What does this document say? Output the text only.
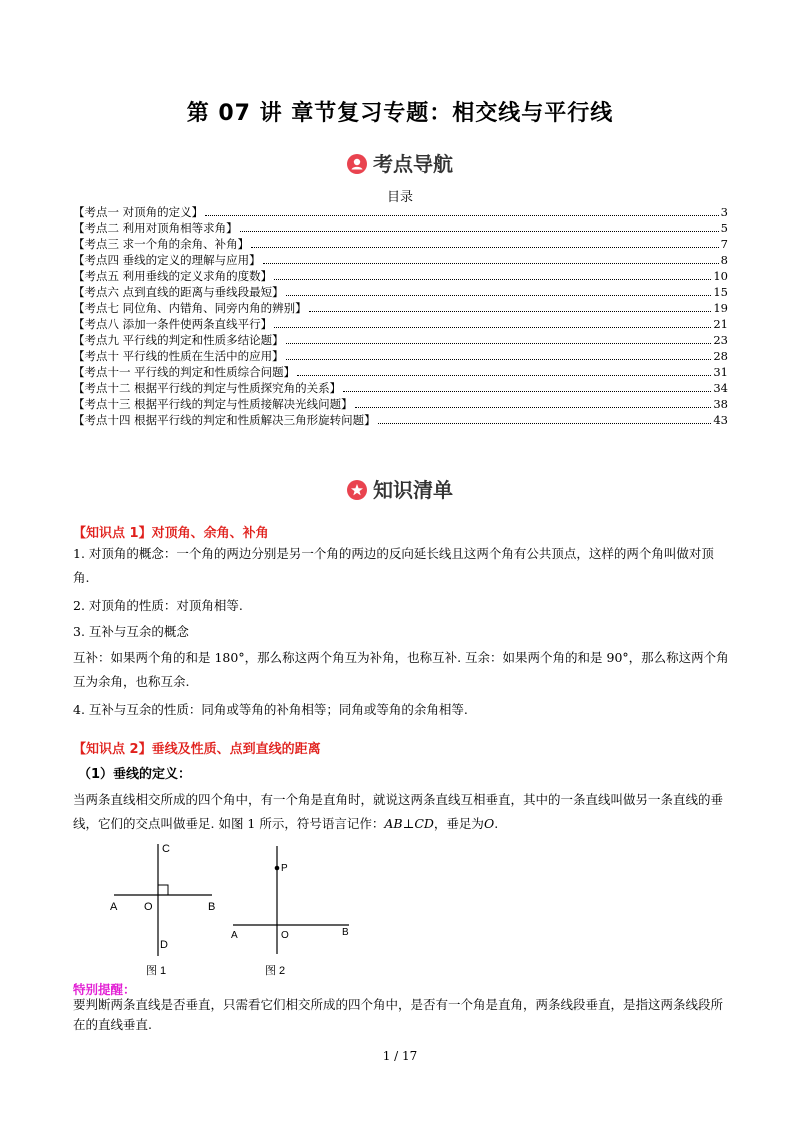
第 07 讲 章节复习专题：相交线与平行线
考点导航
目录
【考点一 对顶角的定义】	3
【考点二 利用对顶角相等求角】	5
【考点三 求一个角的余角、补角】	7
【考点四 垂线的定义的理解与应用】	8
【考点五 利用垂线的定义求角的度数】	10
【考点六 点到直线的距离与垂线段最短】	15
【考点七 同位角、内错角、同旁内角的辨别】	19
【考点八 添加一条件使两条直线平行】	21
【考点九 平行线的判定和性质多结论题】	23
【考点十 平行线的性质在生活中的应用】	28
【考点十一 平行线的判定和性质综合问题】	31
【考点十二 根据平行线的判定与性质探究角的关系】	34
【考点十三 根据平行线的判定与性质接解决光线问题】	38
【考点十四 根据平行线的判定和性质解决三角形旋转问题】	43
知识清单
【知识点 1】对顶角、余角、补角
1. 对顶角的概念：一个角的两边分别是另一个角的两边的反向延长线且这两个角有公共顶点，这样的两个角叫做对顶角.
2. 对顶角的性质：对顶角相等.
3. 互补与互余的概念
互补：如果两个角的和是 180°，那么称这两个角互为补角，也称互补. 互余：如果两个角的和是 90°，那么称这两个角互为余角，也称互余.
4. 互补与互余的性质：同角或等角的补角相等；同角或等角的余角相等.
【知识点 2】垂线及性质、点到直线的距离
（1）垂线的定义：
当两条直线相交所成的四个角中，有一个角是直角时，就说这两条直线互相垂直，其中的一条直线叫做另一条直线的垂线，它们的交点叫做垂足. 如图 1 所示，符号语言记作：AB⊥CD，垂足为O.
C
A O	B
D
图 1
P
A	O	B
图 2
特别提醒：
要判断两条直线是否垂直，只需看它们相交所成的四个角中，是否有一个角是直角，两条线段垂直，是指这两条线段所在的直线垂直.
1 / 17
